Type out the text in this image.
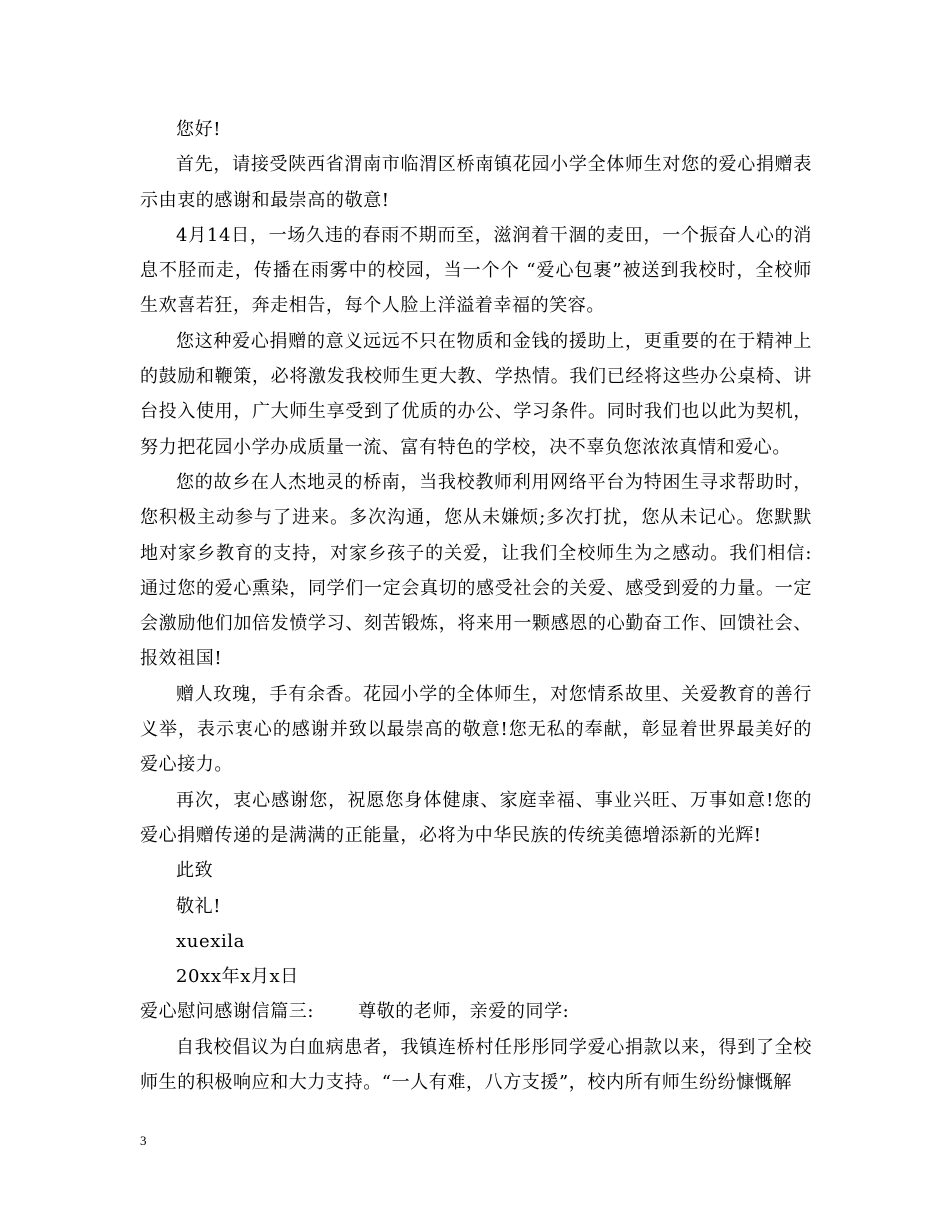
您好!

首先，请接受陕西省渭南市临渭区桥南镇花园小学全体师生对您的爱心捐赠表示由衷的感谢和最崇高的敬意!

4月14日，一场久违的春雨不期而至，滋润着干涸的麦田，一个振奋人心的消息不胫而走，传播在雨雾中的校园，当一个个 “爱心包裹”被送到我校时，全校师生欢喜若狂，奔走相告，每个人脸上洋溢着幸福的笑容。

您这种爱心捐赠的意义远远不只在物质和金钱的援助上，更重要的在于精神上的鼓励和鞭策，必将激发我校师生更大教、学热情。我们已经将这些办公桌椅、讲台投入使用，广大师生享受到了优质的办公、学习条件。同时我们也以此为契机，努力把花园小学办成质量一流、富有特色的学校，决不辜负您浓浓真情和爱心。

您的故乡在人杰地灵的桥南，当我校教师利用网络平台为特困生寻求帮助时，您积极主动参与了进来。多次沟通，您从未嫌烦;多次打扰，您从未记心。您默默地对家乡教育的支持，对家乡孩子的关爱，让我们全校师生为之感动。我们相信:通过您的爱心熏染，同学们一定会真切的感受社会的关爱、感受到爱的力量。一定会激励他们加倍发愤学习、刻苦锻炼，将来用一颗感恩的心勤奋工作、回馈社会、报效祖国!

赠人玫瑰，手有余香。花园小学的全体师生，对您情系故里、关爱教育的善行义举，表示衷心的感谢并致以最崇高的敬意!您无私的奉献，彰显着世界最美好的爱心接力。

再次，衷心感谢您，祝愿您身体健康、家庭幸福、事业兴旺、万事如意!您的爱心捐赠传递的是满满的正能量，必将为中华民族的传统美德增添新的光辉!

此致

敬礼!

xuexila

20xx年x月x日

爱心慰问感谢信篇三: 尊敬的老师，亲爱的同学:

自我校倡议为白血病患者，我镇连桥村任彤彤同学爱心捐款以来，得到了全校师生的积极响应和大力支持。“一人有难，八方支援”，校内所有师生纷纷慷慨解

3
